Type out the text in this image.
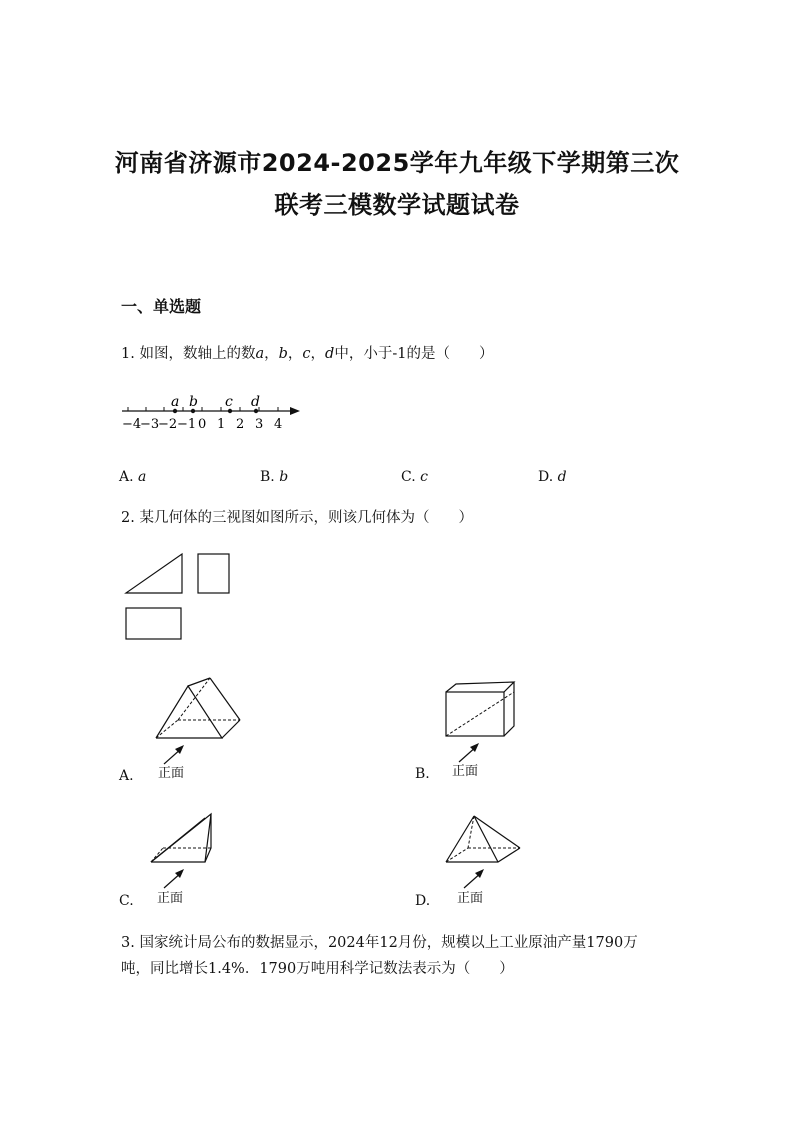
河南省济源市2024-2025学年九年级下学期第三次
联考三模数学试题试卷
一、单选题
1. 如图，数轴上的数a，b，c，d中，小于-1的是（　　）
a b c d
−4
−3
−2 −1 0 1 2 3 4
A. a	B. b	C. c	D. d
2. 某几何体的三视图如图所示，则该几何体为（　　）
A. 正面	B. 正面
C. 正面	D. 正面
3. 国家统计局公布的数据显示，2024年12月份，规模以上工业原油产量1790万
吨，同比增长1.4%．1790万吨用科学记数法表示为（　　）
